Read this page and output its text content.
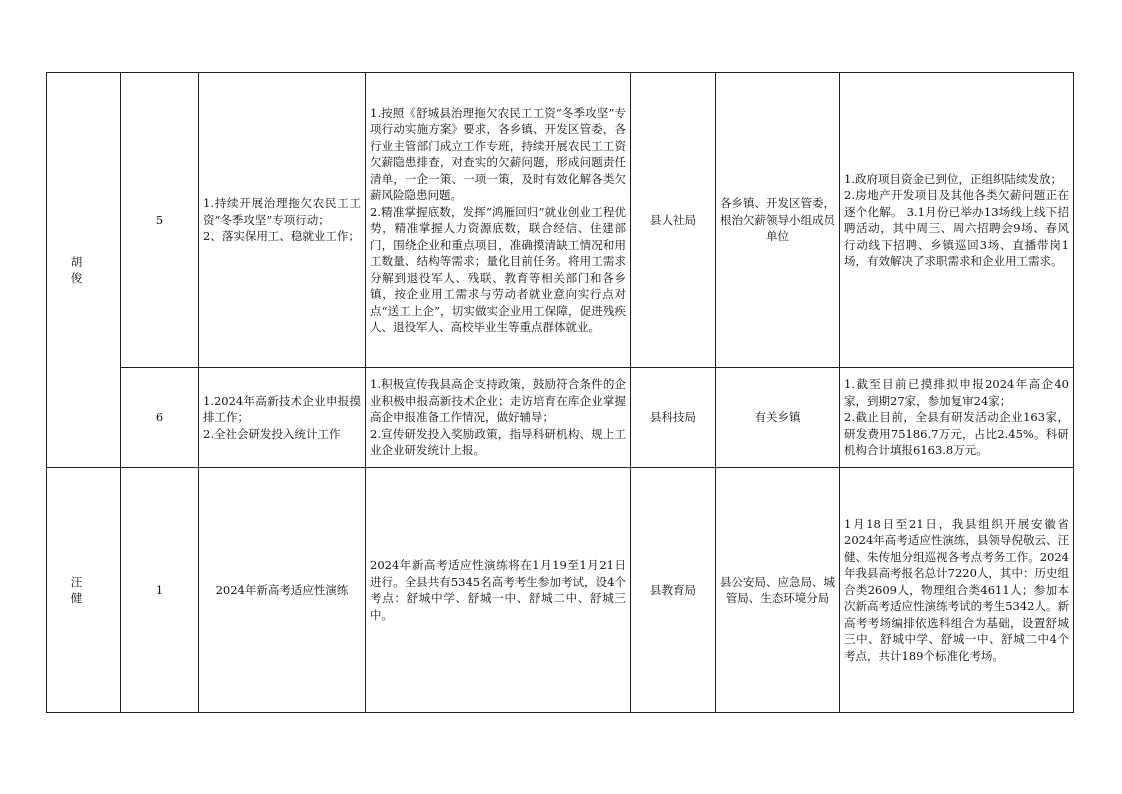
胡 俊	5	1.持续开展治理拖欠农民工工资“冬季攻坚”专项行动；
2、落实保用工、稳就业工作；	1.按照《舒城县治理拖欠农民工工资“冬季攻坚”专项行动实施方案》要求，各乡镇、开发区管委，各行业主管部门成立工作专班，持续开展农民工工资欠薪隐患排查，对查实的欠薪问题，形成问题责任清单，一企一策、一项一策，及时有效化解各类欠薪风险隐患问题。
2.精准掌握底数，发挥“鸿雁回归”就业创业工程优势，精准掌握人力资源底数，联合经信、住建部门，围绕企业和重点项目，准确摸清缺工情况和用工数量、结构等需求；量化目前任务。将用工需求分解到退役军人、残联、教育等相关部门和各乡镇，按企业用工需求与劳动者就业意向实行点对点“送工上企”，切实做实企业用工保障，促进残疾人、退役军人、高校毕业生等重点群体就业。	县人社局	各乡镇、开发区管委，根治欠薪领导小组成员单位	1.政府项目资金已到位，正组织陆续发放；
2.房地产开发项目及其他各类欠薪问题正在逐个化解。 3.1月份已举办13场线上线下招聘活动，其中周三、周六招聘会9场、春风行动线下招聘、乡镇巡回3场、直播带岗1场，有效解决了求职需求和企业用工需求。

	6	1.2024年高新技术企业申报摸排工作；
2.全社会研发投入统计工作	1.积极宣传我县高企支持政策，鼓励符合条件的企业积极申报高新技术企业；走访培育在库企业掌握高企申报准备工作情况，做好辅导；
2.宣传研发投入奖励政策，指导科研机构、规上工业企业研发统计上报。	县科技局	有关乡镇	1.截至目前已摸排拟申报2024年高企40家，到期27家，参加复审24家；
2.截止目前，全县有研发活动企业163家，研发费用75186.7万元，占比2.45%。科研机构合计填报6163.8万元。

汪 健	1	2024年新高考适应性演练	2024年新高考适应性演练将在1月19至1月21日进行。全县共有5345名高考考生参加考试，设4个考点：舒城中学、舒城一中、舒城二中、舒城三中。	县教育局	县公安局、应急局、城管局、生态环境分局	1月18日至21日，我县组织开展安徽省2024年高考适应性演练，县领导倪敬云、汪健、朱传旭分组巡视各考点考务工作。2024年我县高考报名总计7220人，其中：历史组合类2609人，物理组合类4611人；参加本次新高考适应性演练考试的考生5342人。新高考考场编排依选科组合为基础，设置舒城三中、舒城中学、舒城一中、舒城二中4个考点，共计189个标准化考场。
